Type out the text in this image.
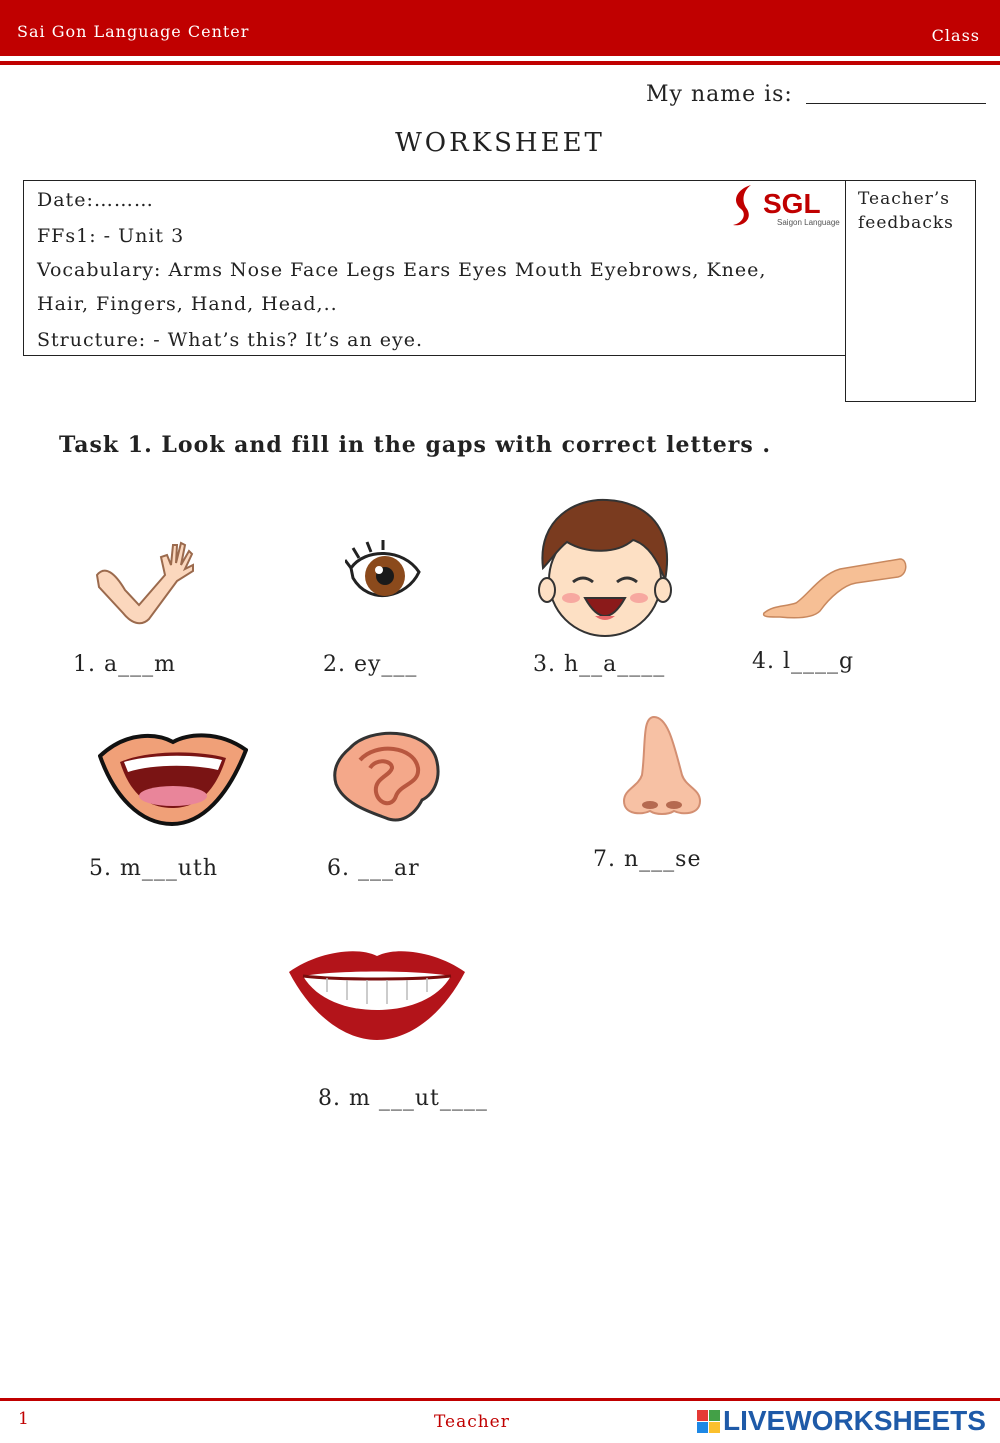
Sai Gon Language Center	Class
My name is:
WORKSHEET
Date:………
FFs1: - Unit 3
Vocabulary: Arms Nose Face Legs Ears Eyes Mouth Eyebrows, Knee,
Hair, Fingers, Hand, Head,..
Structure: - What’s this? It’s an eye.
SGL
Saigon Language
Teacher’s
feedbacks
Task 1. Look and fill in the gaps with correct letters .
1. a___m	2. ey___	3. h__a____	4. l____g
5. m___uth	6. ___ar	7. n___se
8. m ___ut____
1	Teacher	LIVEWORKSHEETS
